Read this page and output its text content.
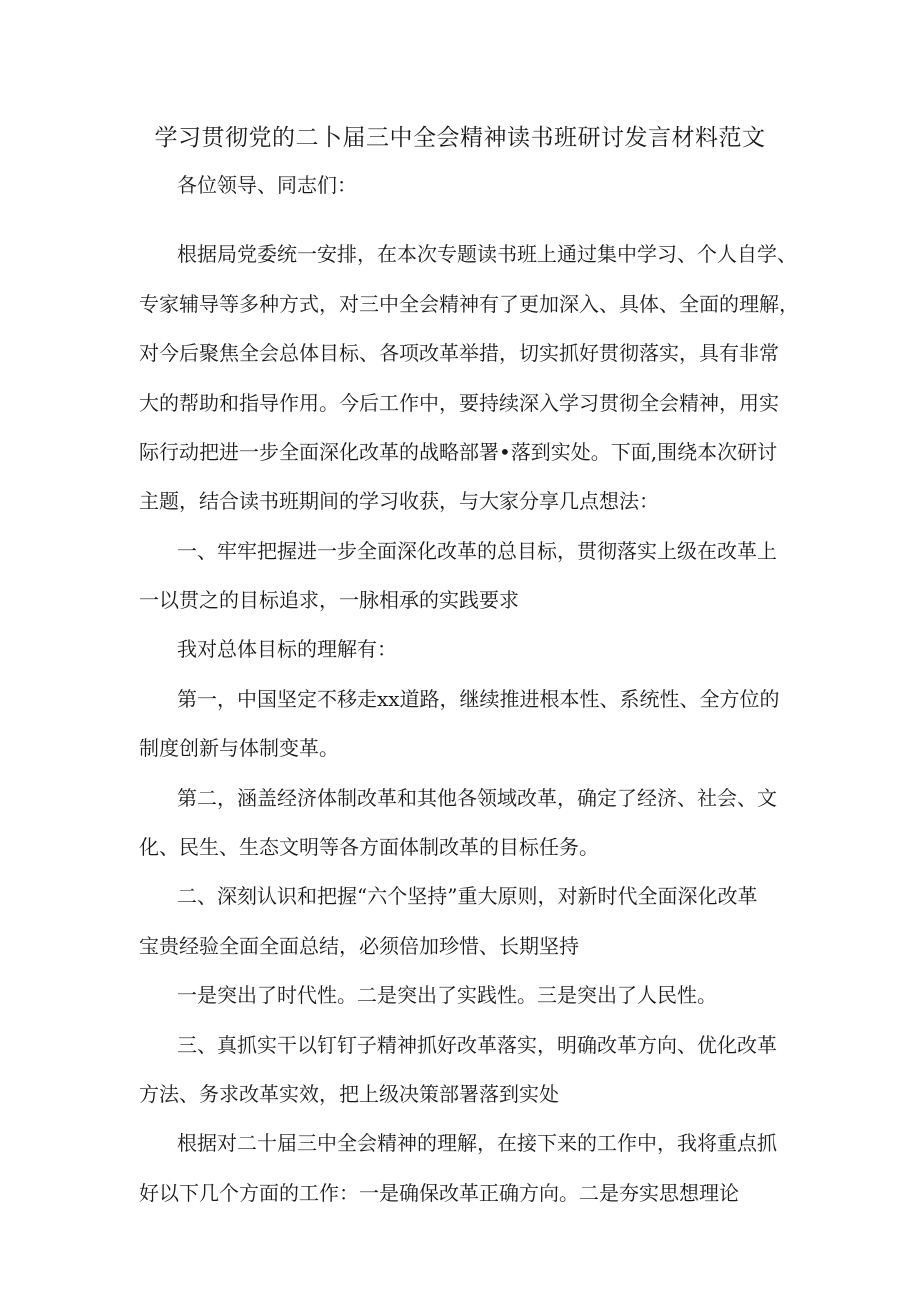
学习贯彻党的二卜届三中全会精神读书班研讨发言材料范文
各位领导、同志们：
根据局党委统一安排，在本次专题读书班上通过集中学习、个人自学、
专家辅导等多种方式，对三中全会精神有了更加深入、具体、全面的理解，
对今后聚焦全会总体目标、各项改革举措，切实抓好贯彻落实，具有非常
大的帮助和指导作用。今后工作中，要持续深入学习贯彻全会精神，用实
际行动把进一步全面深化改革的战略部署•落到实处。下面,围绕本次研讨
主题，结合读书班期间的学习收获，与大家分享几点想法：
一、牢牢把握进一步全面深化改革的总目标，贯彻落实上级在改革上
一以贯之的目标追求，一脉相承的实践要求
我对总体目标的理解有：
第一，中国坚定不移走xx道路，继续推进根本性、系统性、全方位的
制度创新与体制变革。
第二，涵盖经济体制改革和其他各领域改革，确定了经济、社会、文
化、民生、生态文明等各方面体制改革的目标任务。
二、深刻认识和把握“六个坚持”重大原则，对新时代全面深化改革
宝贵经验全面全面总结，必须倍加珍惜、长期坚持
一是突出了时代性。二是突出了实践性。三是突出了人民性。
三、真抓实干以钉钉子精神抓好改革落实，明确改革方向、优化改革
方法、务求改革实效，把上级决策部署落到实处
根据对二十届三中全会精神的理解，在接下来的工作中，我将重点抓
好以下几个方面的工作：一是确保改革正确方向。二是夯实思想理论
